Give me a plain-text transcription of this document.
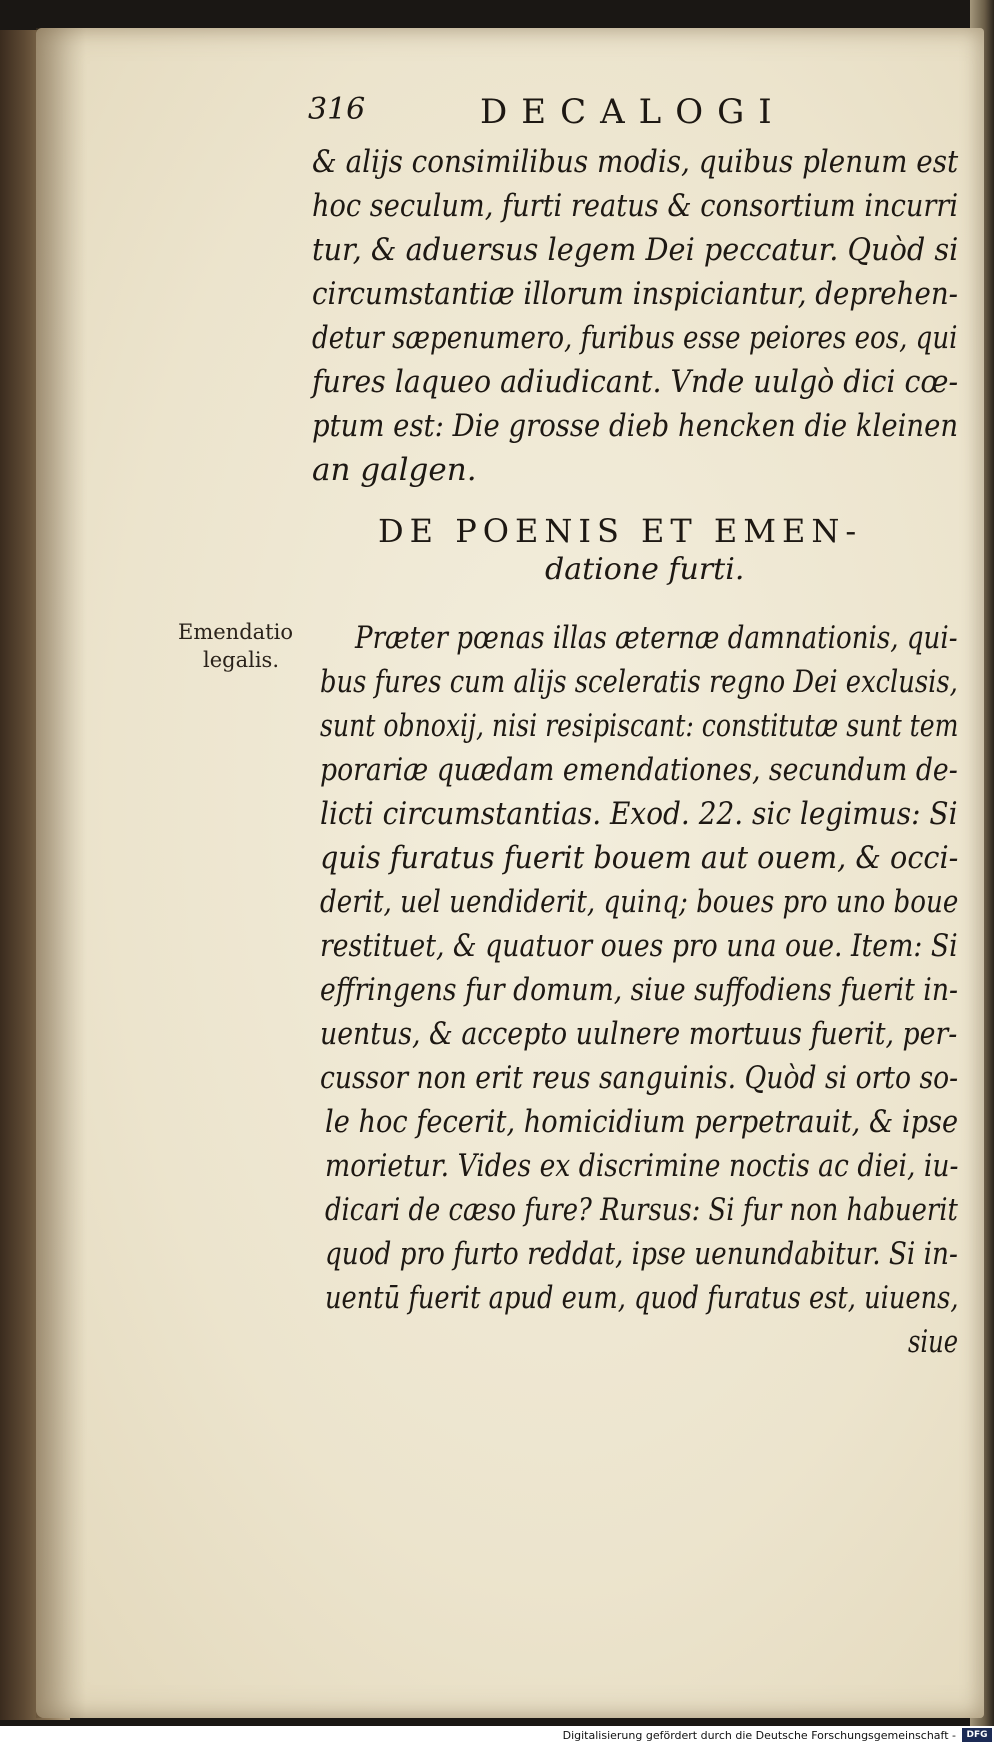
316	DECALOGI
& alijs consimilibus modis, quibus plenum est
hoc seculum, furti reatus & consortium incurri
tur, & aduersus legem Dei peccatur. Quòd si
circumstantiæ illorum inspiciantur, deprehen-
detur sæpenumero, furibus esse peiores eos, qui
fures laqueo adiudicant. Vnde uulgò dici cœ-
ptum est: Die grosse dieb hencken die kleinen
an galgen.
DE POENIS ET EMEN-
datione furti.
Emendatio
legalis.
Præter pœnas illas æternæ damnationis, qui-
bus fures cum alijs sceleratis regno Dei exclusis,
sunt obnoxij, nisi resipiscant: constitutæ sunt tem
porariæ quædam emendationes, secundum de-
licti circumstantias. Exod. 22. sic legimus: Si
quis furatus fuerit bouem aut ouem, & occi-
derit, uel uendiderit, quinq; boues pro uno boue
restituet, & quatuor oues pro una oue. Item: Si
effringens fur domum, siue suffodiens fuerit in-
uentus, & accepto uulnere mortuus fuerit, per-
cussor non erit reus sanguinis. Quòd si orto so-
le hoc fecerit, homicidium perpetrauit, & ipse
morietur. Vides ex discrimine noctis ac diei, iu-
dicari de cæso fure? Rursus: Si fur non habuerit
quod pro furto reddat, ipse uenundabitur. Si in-
uentū fuerit apud eum, quod furatus est, uiuens,
siue
Digitalisierung gefördert durch die Deutsche Forschungsgemeinschaft -	DFG
